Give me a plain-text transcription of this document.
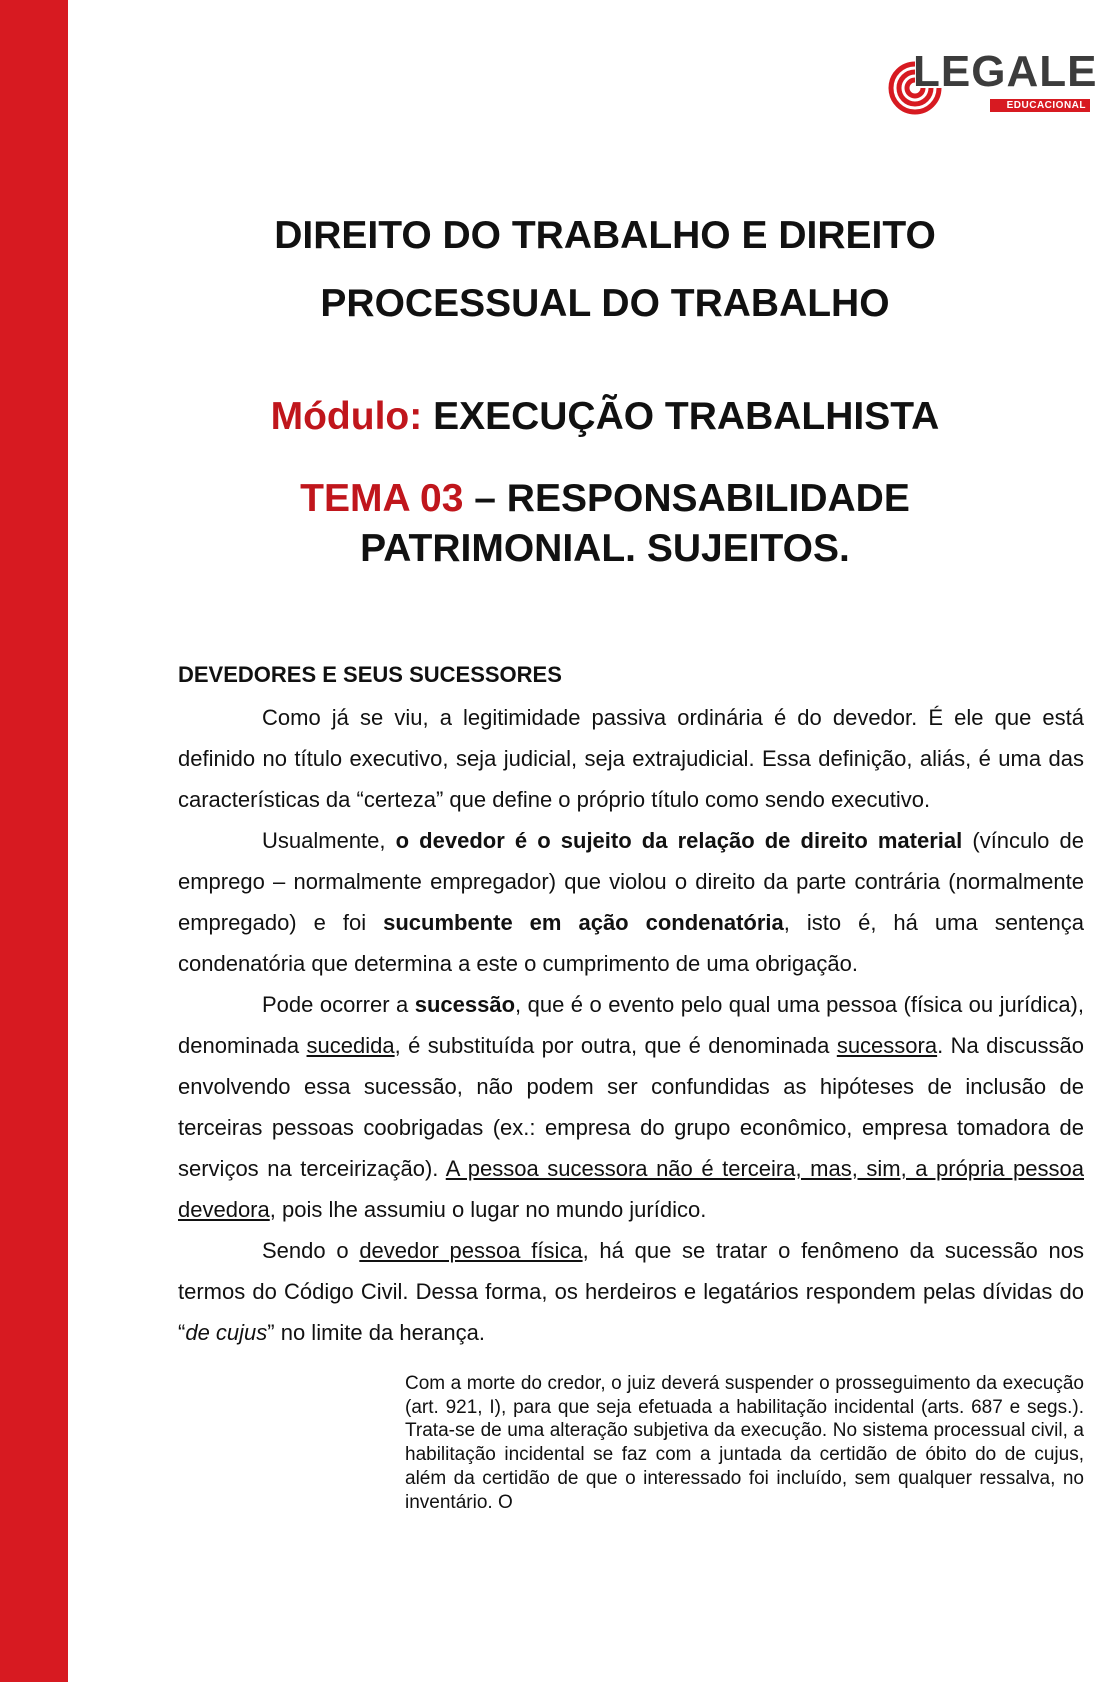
LEGALE
EDUCACIONAL
DIREITO DO TRABALHO E DIREITO
PROCESSUAL DO TRABALHO
Módulo: EXECUÇÃO TRABALHISTA
TEMA 03 – RESPONSABILIDADE
PATRIMONIAL. SUJEITOS.
DEVEDORES E SEUS SUCESSORES

Como já se viu, a legitimidade passiva ordinária é do devedor. É ele que está definido no título executivo, seja judicial, seja extrajudicial. Essa definição, aliás, é uma das características da “certeza” que define o próprio título como sendo executivo.

Usualmente, o devedor é o sujeito da relação de direito material (vínculo de emprego – normalmente empregador) que violou o direito da parte contrária (normalmente empregado) e foi sucumbente em ação condenatória, isto é, há uma sentença condenatória que determina a este o cumprimento de uma obrigação.

Pode ocorrer a sucessão, que é o evento pelo qual uma pessoa (física ou jurídica), denominada sucedida, é substituída por outra, que é denominada sucessora. Na discussão envolvendo essa sucessão, não podem ser confundidas as hipóteses de inclusão de terceiras pessoas coobrigadas (ex.: empresa do grupo econômico, empresa tomadora de serviços na terceirização). A pessoa sucessora não é terceira, mas, sim, a própria pessoa devedora, pois lhe assumiu o lugar no mundo jurídico.

Sendo o devedor pessoa física, há que se tratar o fenômeno da sucessão nos termos do Código Civil. Dessa forma, os herdeiros e legatários respondem pelas dívidas do “de cujus” no limite da herança.

Com a morte do credor, o juiz deverá suspender o prosseguimento da execução (art. 921, I), para que seja efetuada a habilitação incidental (arts. 687 e segs.). Trata-se de uma alteração subjetiva da execução. No sistema processual civil, a habilitação incidental se faz com a juntada da certidão de óbito do de cujus, além da certidão de que o interessado foi incluído, sem qualquer ressalva, no inventário. O
